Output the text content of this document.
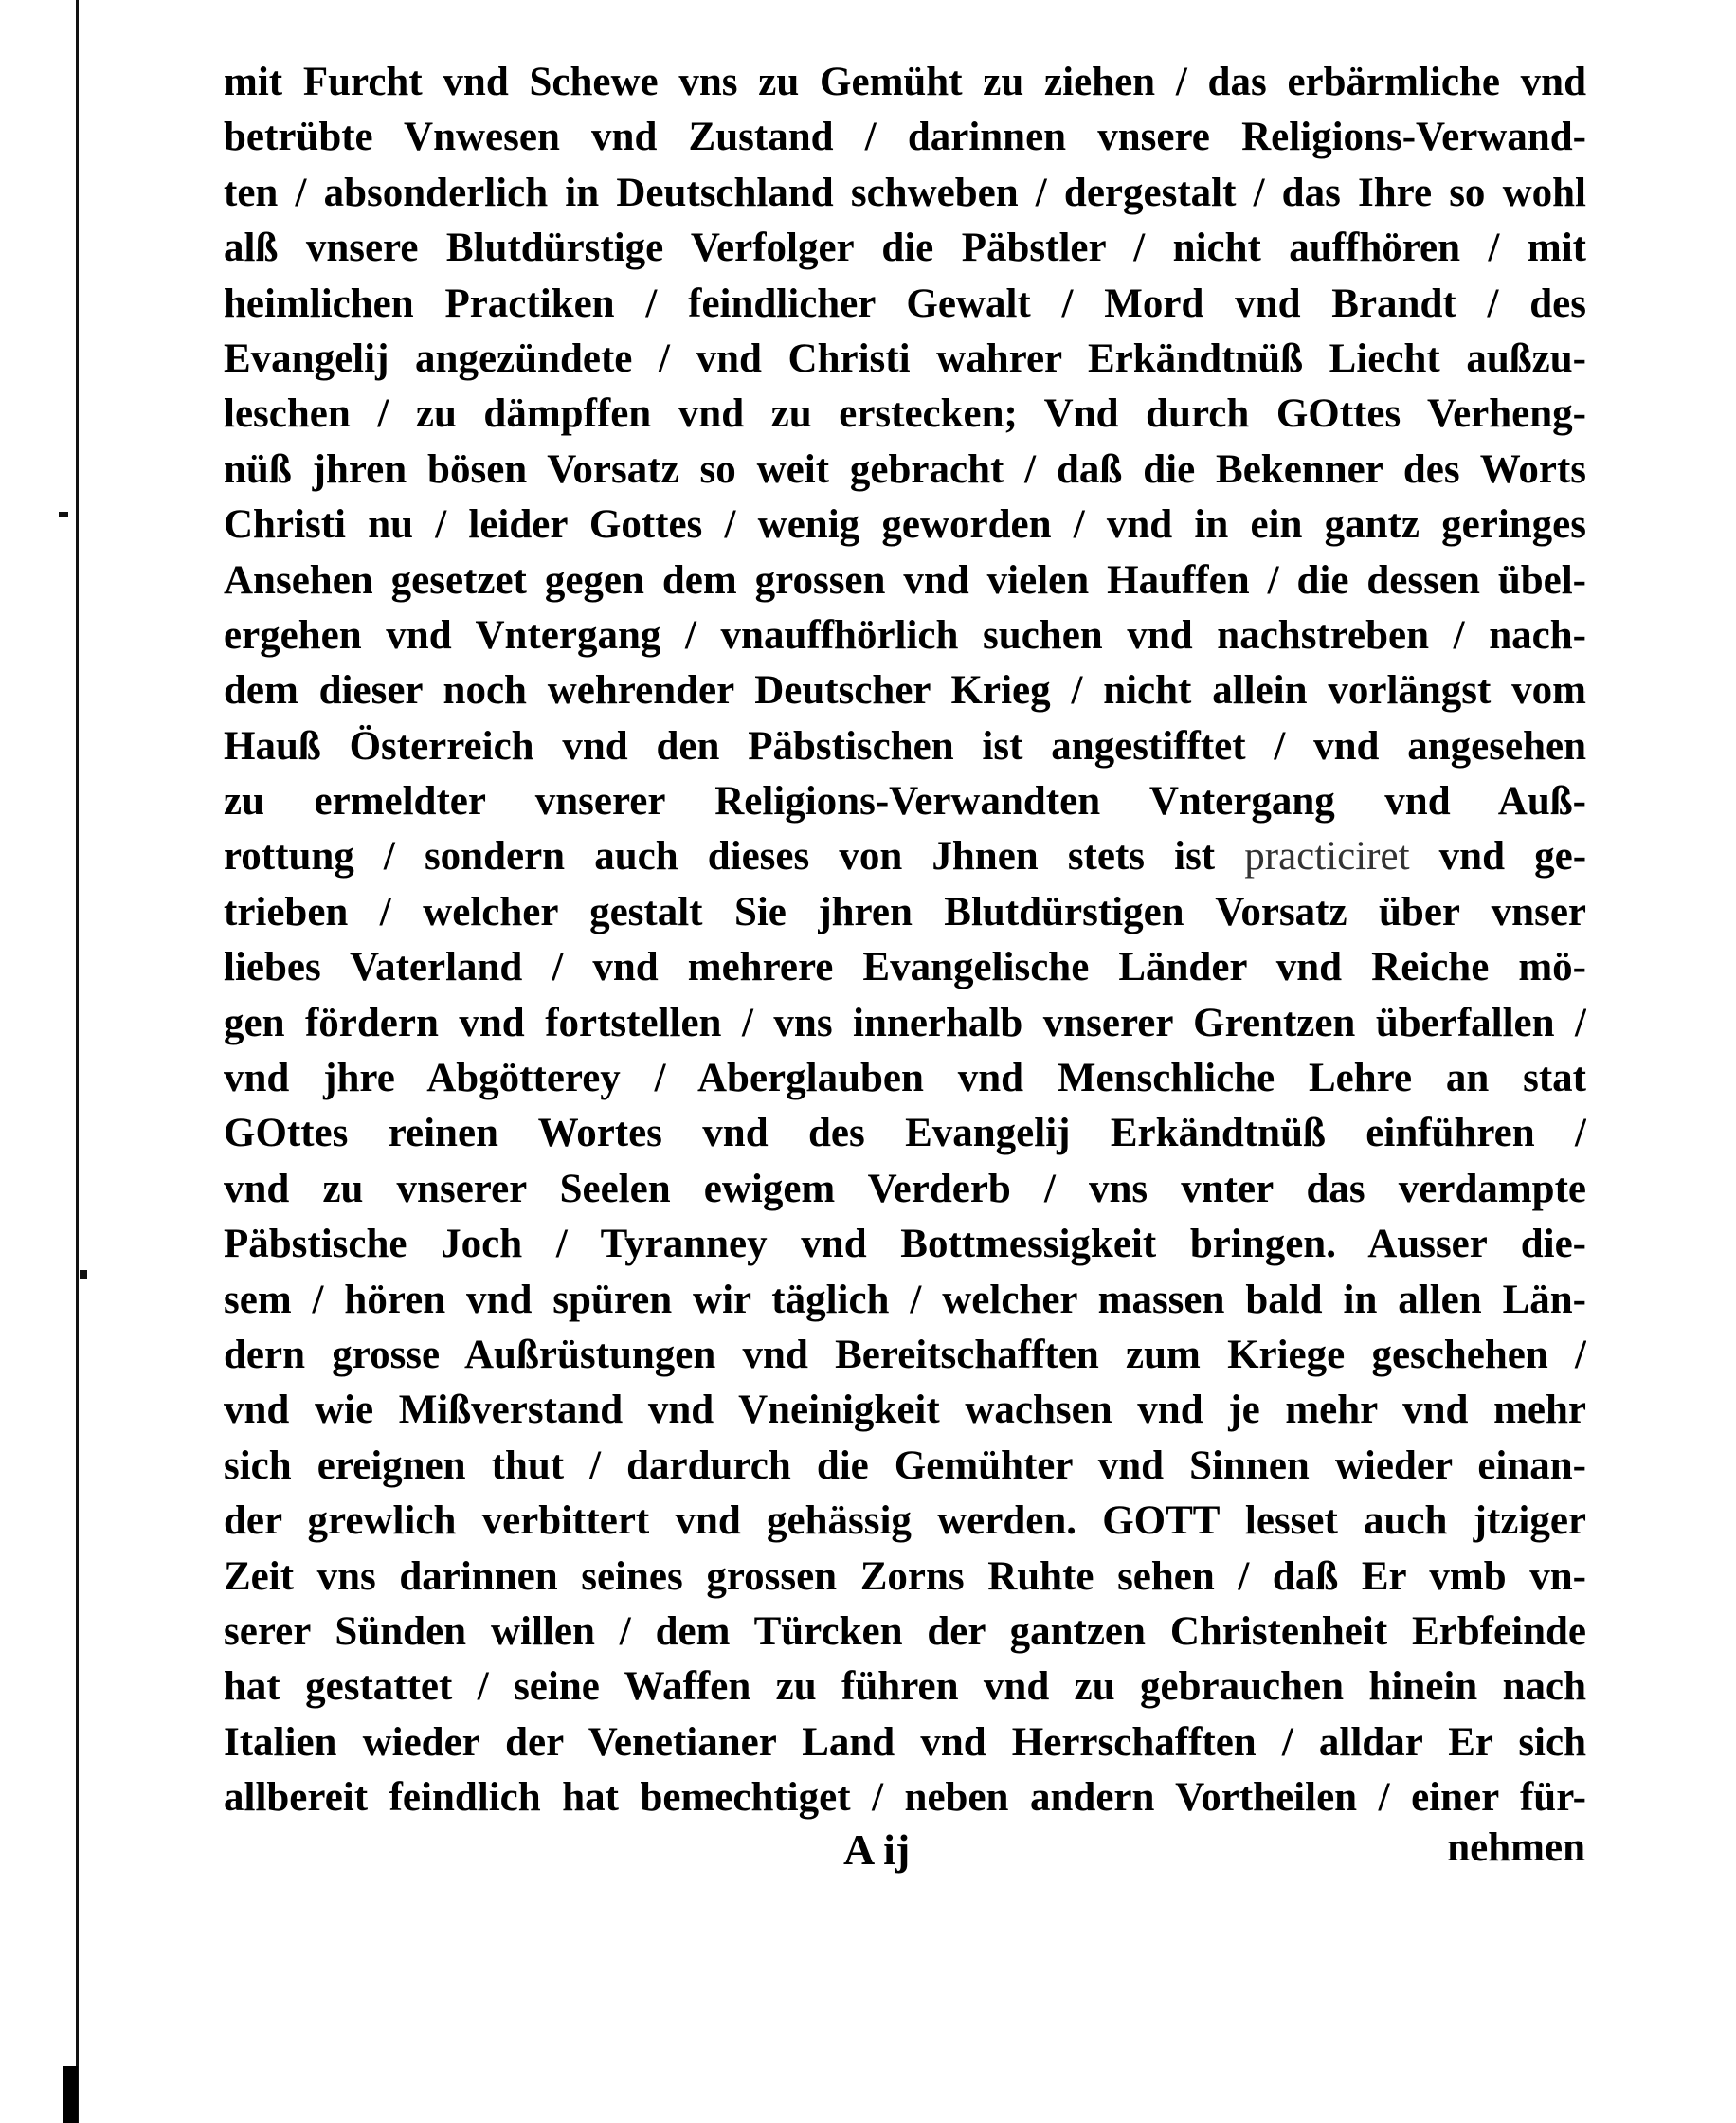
mit Furcht vnd Schewe vns zu Gemüht zu ziehen / das erbärmliche vnd
betrübte Vnwesen vnd Zustand / darinnen vnsere Religions-Verwand-
ten / absonderlich in Deutschland schweben / dergestalt / das Ihre so wohl
alß vnsere Blutdürstige Verfolger die Päbstler / nicht auffhören / mit
heimlichen Practiken / feindlicher Gewalt / Mord vnd Brandt / des
Evangelij angezündete / vnd Christi wahrer Erkändtnüß Liecht außzu-
leschen / zu dämpffen vnd zu erstecken; Vnd durch GOttes Verheng-
nüß jhren bösen Vorsatz so weit gebracht / daß die Bekenner des Worts
Christi nu / leider Gottes / wenig geworden / vnd in ein gantz geringes
Ansehen gesetzet gegen dem grossen vnd vielen Hauffen / die dessen übel-
ergehen vnd Vntergang / vnauffhörlich suchen vnd nachstreben / nach-
dem dieser noch wehrender Deutscher Krieg / nicht allein vorlängst vom
Hauß Österreich vnd den Päbstischen ist angestifftet / vnd angesehen
zu ermeldter vnserer Religions-Verwandten Vntergang vnd Auß-
rottung / sondern auch dieses von Jhnen stets ist practiciret vnd ge-
trieben / welcher gestalt Sie jhren Blutdürstigen Vorsatz über vnser
liebes Vaterland / vnd mehrere Evangelische Länder vnd Reiche mö-
gen fördern vnd fortstellen / vns innerhalb vnserer Grentzen überfallen /
vnd jhre Abgötterey / Aberglauben vnd Menschliche Lehre an stat
GOttes reinen Wortes vnd des Evangelij Erkändtnüß einführen /
vnd zu vnserer Seelen ewigem Verderb / vns vnter das verdampte
Päbstische Joch / Tyranney vnd Bottmessigkeit bringen. Ausser die-
sem / hören vnd spüren wir täglich / welcher massen bald in allen Län-
dern grosse Außrüstungen vnd Bereitschafften zum Kriege geschehen /
vnd wie Mißverstand vnd Vneinigkeit wachsen vnd je mehr vnd mehr
sich ereignen thut / dardurch die Gemühter vnd Sinnen wieder einan-
der grewlich verbittert vnd gehässig werden. GOTT lesset auch jtziger
Zeit vns darinnen seines grossen Zorns Ruhte sehen / daß Er vmb vn-
serer Sünden willen / dem Türcken der gantzen Christenheit Erbfeinde
hat gestattet / seine Waffen zu führen vnd zu gebrauchen hinein nach
Italien wieder der Venetianer Land vnd Herrschafften / alldar Er sich
allbereit feindlich hat bemechtiget / neben andern Vortheilen / einer für-
A ij	nehmen
